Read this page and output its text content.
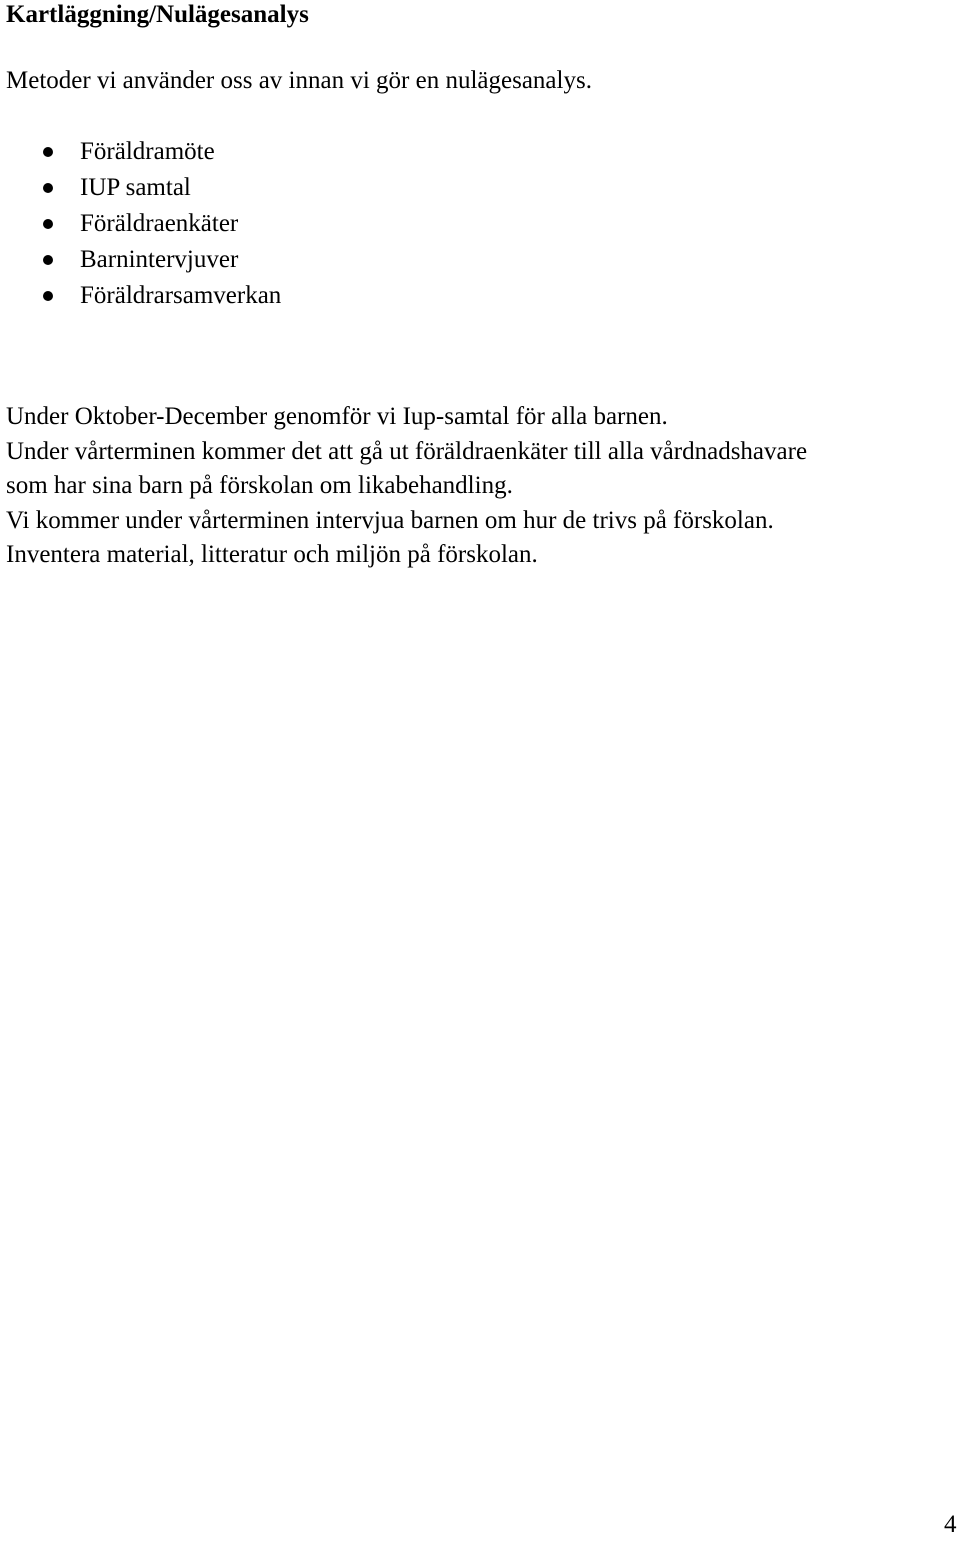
Kartläggning/Nulägesanalys

Metoder vi använder oss av innan vi gör en nulägesanalys.

Föräldramöte
IUP samtal
Föräldraenkäter
Barnintervjuver
Föräldrarsamverkan
Under Oktober-December genomför vi Iup-samtal för alla barnen.
Under vårterminen kommer det att gå ut föräldraenkäter till alla vårdnadshavare
som har sina barn på förskolan om likabehandling.
Vi kommer under vårterminen intervjua barnen om hur de trivs på förskolan.
Inventera material, litteratur och miljön på förskolan.
4
